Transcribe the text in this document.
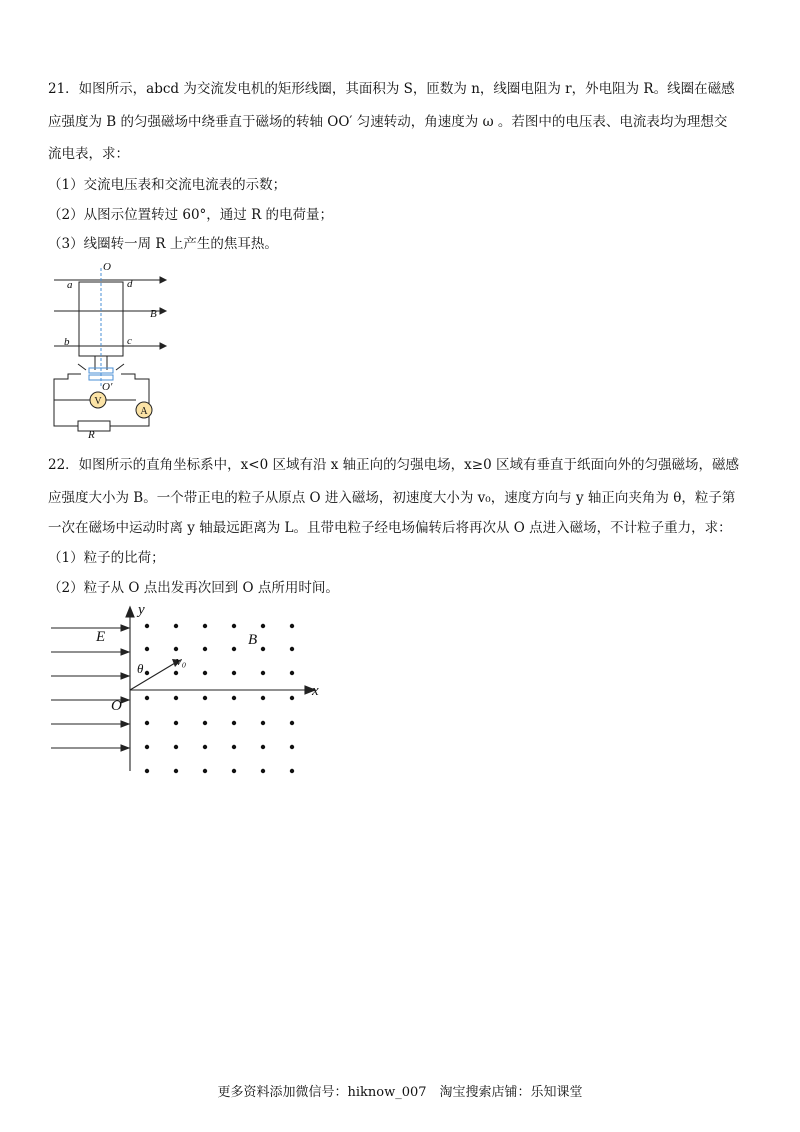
21．如图所示，abcd 为交流发电机的矩形线圈，其面积为 S，匝数为 n，线圈电阻为 r，外电阻为 R。线圈在磁感
应强度为 B 的匀强磁场中绕垂直于磁场的转轴 OO′ 匀速转动，角速度为 ω 。若图中的电压表、电流表均为理想交
流电表，求：
（1）交流电压表和交流电流表的示数；
（2）从图示位置转过 60°，通过 R 的电荷量；
（3）线圈转一周 R 上产生的焦耳热。
O
O′
a	d
b	c
B
R
V
A
22．如图所示的直角坐标系中，x<0 区域有沿 x 轴正向的匀强电场，x≥0 区域有垂直于纸面向外的匀强磁场，磁感
应强度大小为 B。一个带正电的粒子从原点 O 进入磁场，初速度大小为 v₀，速度方向与 y 轴正向夹角为 θ，粒子第
一次在磁场中运动时离 y 轴最远距离为 L。且带电粒子经电场偏转后将再次从 O 点进入磁场，不计粒子重力，求：
（1）粒子的比荷；
（2）粒子从 O 点出发再次回到 O 点所用时间。
y
x
E	B
O
θ
v₀
更多资料添加微信号：hiknow_007　淘宝搜索店铺：乐知课堂
